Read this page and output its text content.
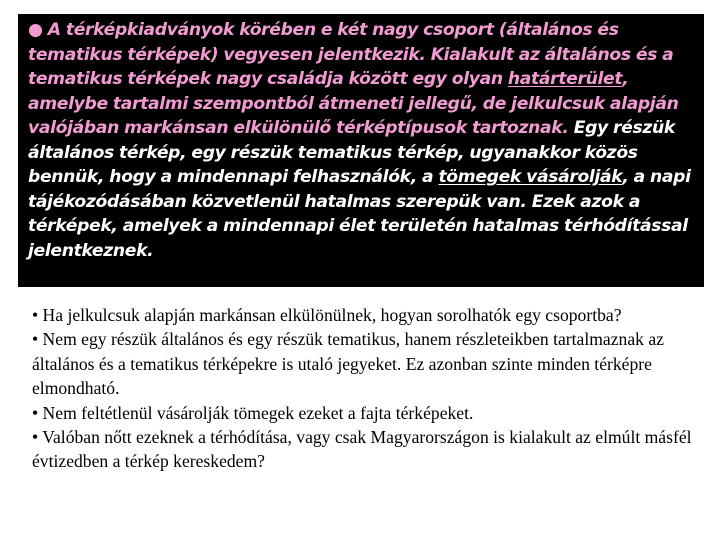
● A térképkiadványok körében e két nagy csoport (általános és tematikus térképek) vegyesen jelentkezik. Kialakult az általános és a tematikus térképek nagy családja között egy olyan határterület, amelybe tartalmi szempontból átmeneti jellegű, de jelkulcsuk alapján valójában markánsan elkülönülő térképtípusok tartoznak. Egy részük általános térkép, egy részük tematikus térkép, ugyanakkor közös bennük, hogy a mindennapi felhasználók, a tömegek vásárolják, a napi tájékozódásában közvetlenül hatalmas szerepük van. Ezek azok a térképek, amelyek a mindennapi élet területén hatalmas térhódítással jelentkeznek.

• Ha jelkulcsuk alapján markánsan elkülönülnek, hogyan sorolhatók egy csoportba?

• Nem egy részük általános és egy részük tematikus, hanem részleteikben tartalmaznak az általános és a tematikus térképekre is utaló jegyeket. Ez azonban szinte minden térképre elmondható.

• Nem feltétlenül vásárolják tömegek ezeket a fajta térképeket.

• Valóban nőtt ezeknek a térhódítása, vagy csak Magyarországon is kialakult az elmúlt másfél évtizedben a térkép kereskedem?
